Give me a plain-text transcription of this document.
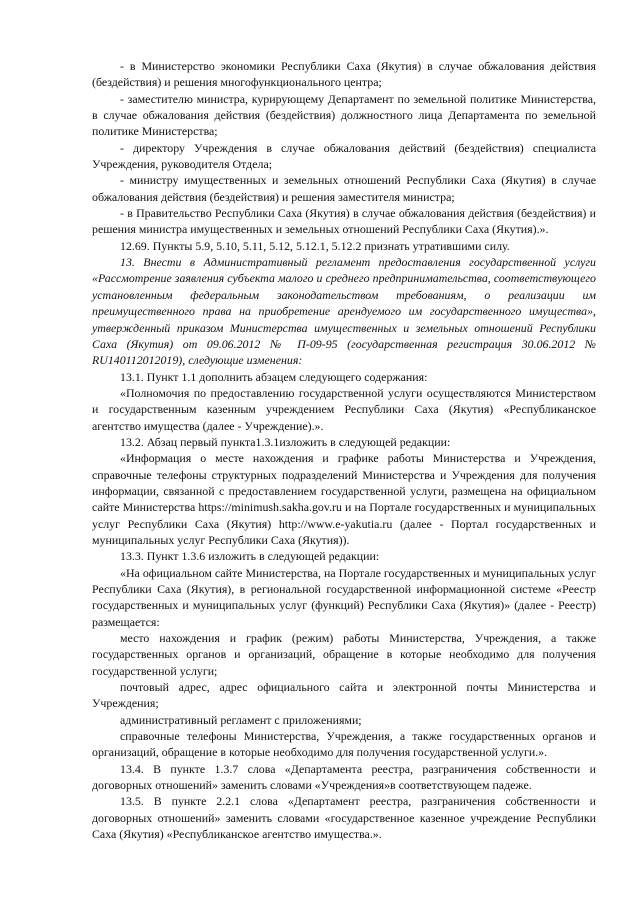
- в Министерство экономики Республики Саха (Якутия) в случае обжалования действия (бездействия) и решения многофункционального центра;

- заместителю министра, курирующему Департамент по земельной политике Министерства, в случае обжалования действия (бездействия) должностного лица Департамента по земельной политике Министерства;

- директору Учреждения в случае обжалования действий (бездействия) специалиста Учреждения, руководителя Отдела;

- министру имущественных и земельных отношений Республики Саха (Якутия) в случае обжалования действия (бездействия) и решения заместителя министра;

- в Правительство Республики Саха (Якутия) в случае обжалования действия (бездействия) и решения министра имущественных и земельных отношений Республики Саха (Якутия).».

12.69. Пункты 5.9, 5.10, 5.11, 5.12, 5.12.1, 5.12.2 признать утратившими силу.

13. Внести в Административный регламент предоставления государственной услуги «Рассмотрение заявления субъекта малого и среднего предпринимательства, соответствующего установленным федеральным законодательством требованиям, о реализации им преимущественного права на приобретение арендуемого им государственного имущества», утвержденный приказом Министерства имущественных и земельных отношений Республики Саха (Якутия) от 09.06.2012 № П-09-95 (государственная регистрация 30.06.2012 № RU140112012019), следующие изменения:

13.1. Пункт 1.1 дополнить абзацем следующего содержания:

«Полномочия по предоставлению государственной услуги осуществляются Министерством и государственным казенным учреждением Республики Саха (Якутия) «Республиканское агентство имущества (далее - Учреждение).».

13.2. Абзац первый пункта1.3.1изложить в следующей редакции:

«Информация о месте нахождения и графике работы Министерства и Учреждения, справочные телефоны структурных подразделений Министерства и Учреждения для получения информации, связанной с предоставлением государственной услуги, размещена на официальном сайте Министерства https://minimush.sakha.gov.ru и на Портале государственных и муниципальных услуг Республики Саха (Якутия) http://www.e-yakutia.ru (далее - Портал государственных и муниципальных услуг Республики Саха (Якутия)).

13.3. Пункт 1.3.6 изложить в следующей редакции:

«На официальном сайте Министерства, на Портале государственных и муниципальных услуг Республики Саха (Якутия), в региональной государственной информационной системе «Реестр государственных и муниципальных услуг (функций) Республики Саха (Якутия)» (далее - Реестр) размещается:

место нахождения и график (режим) работы Министерства, Учреждения, а также государственных органов и организаций, обращение в которые необходимо для получения государственной услуги;

почтовый адрес, адрес официального сайта и электронной почты Министерства и Учреждения;

административный регламент с приложениями;

справочные телефоны Министерства, Учреждения, а также государственных органов и организаций, обращение в которые необходимо для получения государственной услуги.».

13.4. В пункте 1.3.7 слова «Департамента реестра, разграничения собственности и договорных отношений» заменить словами «Учреждения»в соответствующем падеже.

13.5. В пункте 2.2.1 слова «Департамент реестра, разграничения собственности и договорных отношений» заменить словами «государственное казенное учреждение Республики Саха (Якутия) «Республиканское агентство имущества.».
